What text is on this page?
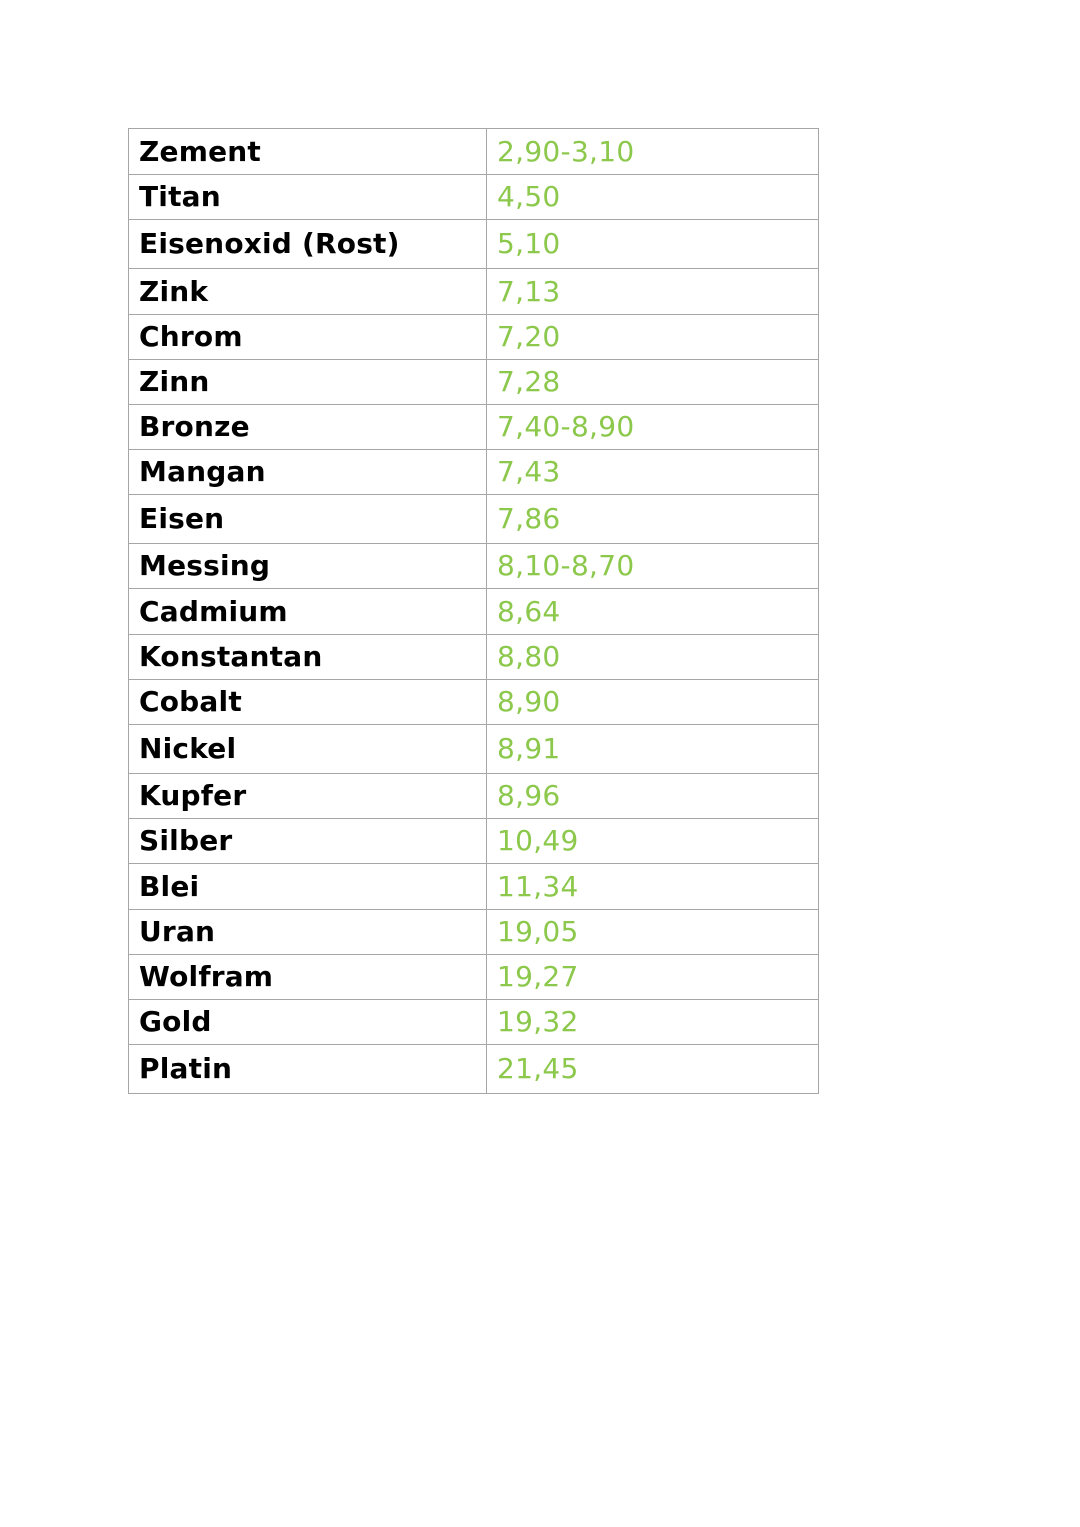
Zement	2,90-3,10
Titan	4,50
Eisenoxid (Rost)	5,10
Zink	7,13
Chrom	7,20
Zinn	7,28
Bronze	7,40-8,90
Mangan	7,43
Eisen	7,86
Messing	8,10-8,70
Cadmium	8,64
Konstantan	8,80
Cobalt	8,90
Nickel	8,91
Kupfer	8,96
Silber	10,49
Blei	11,34
Uran	19,05
Wolfram	19,27
Gold	19,32
Platin	21,45
